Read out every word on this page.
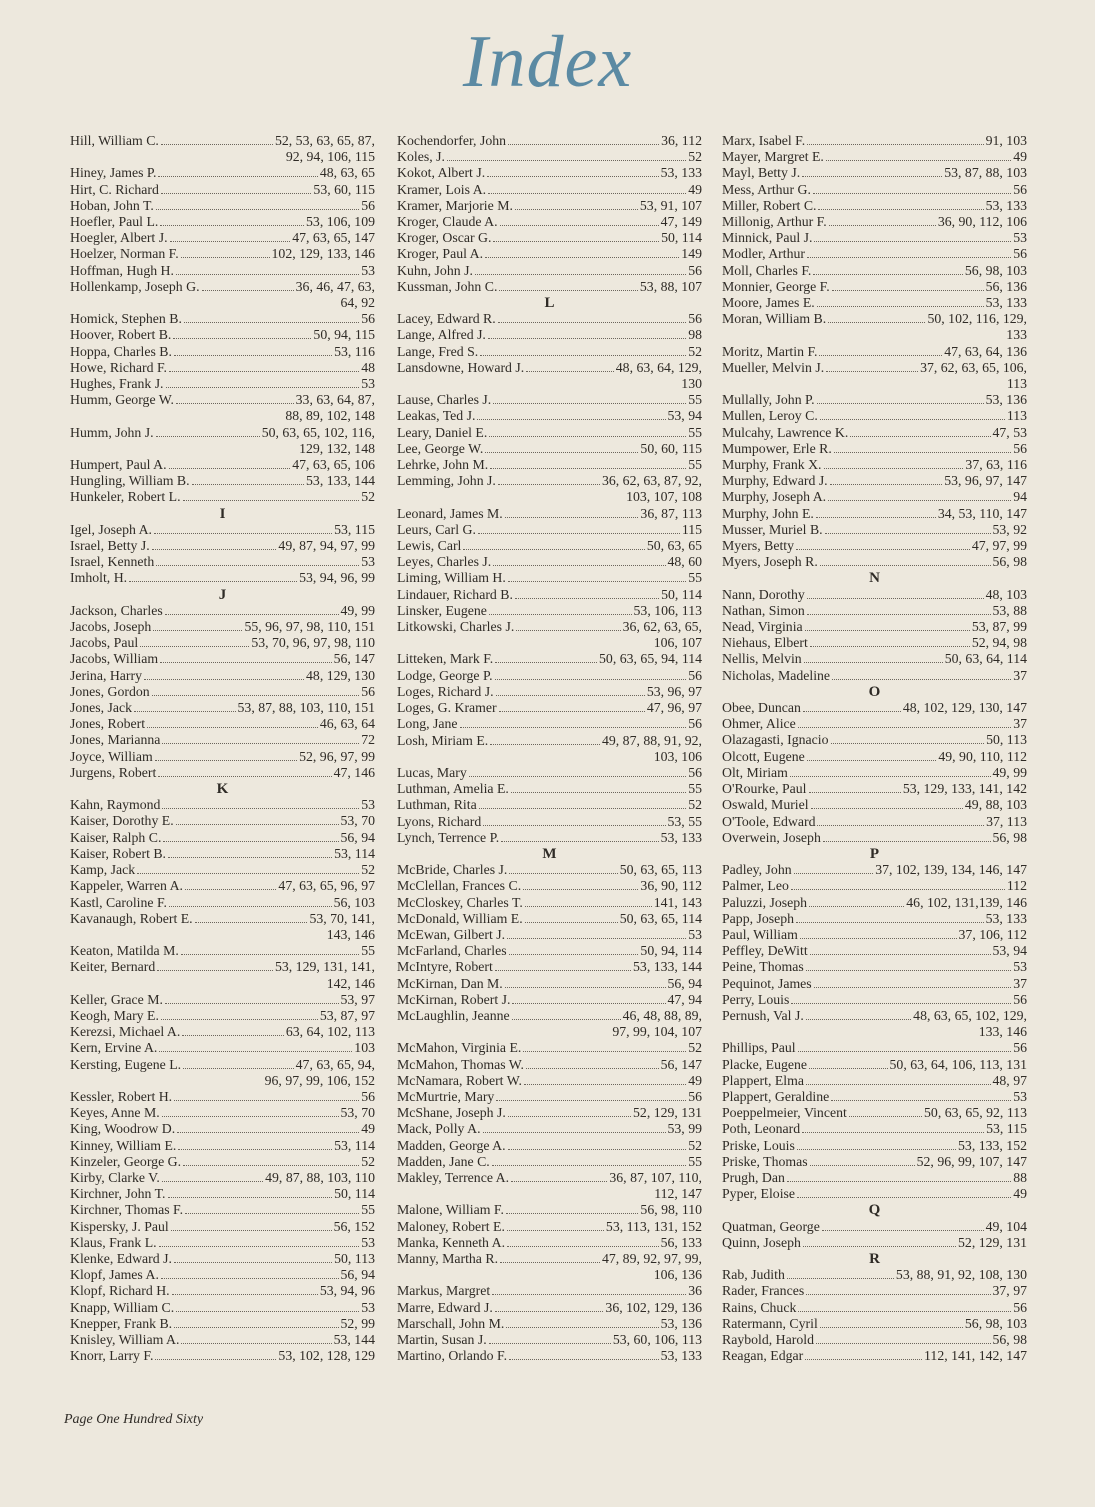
Index
Hill, William C.	52, 53, 63, 65, 87,
92, 94, 106, 115
Hiney, James P.	48, 63, 65
Hirt, C. Richard	53, 60, 115
Hoban, John T.	56
Hoefler, Paul L.	53, 106, 109
Hoegler, Albert J.	47, 63, 65, 147
Hoelzer, Norman F.	102, 129, 133, 146
Hoffman, Hugh H.	53
Hollenkamp, Joseph G.	36, 46, 47, 63,
64, 92
Homick, Stephen B.	56
Hoover, Robert B.	50, 94, 115
Hoppa, Charles B.	53, 116
Howe, Richard F.	48
Hughes, Frank J.	53
Humm, George W.	33, 63, 64, 87,
88, 89, 102, 148
Humm, John J.	50, 63, 65, 102, 116,
129, 132, 148
Humpert, Paul A.	47, 63, 65, 106
Hungling, William B.	53, 133, 144
Hunkeler, Robert L.	52
I
Igel, Joseph A.	53, 115
Israel, Betty J.	49, 87, 94, 97, 99
Israel, Kenneth	53
Imholt, H.	53, 94, 96, 99
J
Jackson, Charles	49, 99
Jacobs, Joseph	55, 96, 97, 98, 110, 151
Jacobs, Paul	53, 70, 96, 97, 98, 110
Jacobs, William	56, 147
Jerina, Harry	48, 129, 130
Jones, Gordon	56
Jones, Jack	53, 87, 88, 103, 110, 151
Jones, Robert	46, 63, 64
Jones, Marianna	72
Joyce, William	52, 96, 97, 99
Jurgens, Robert	47, 146
K
Kahn, Raymond	53
Kaiser, Dorothy E.	53, 70
Kaiser, Ralph C.	56, 94
Kaiser, Robert B.	53, 114
Kamp, Jack	52
Kappeler, Warren A.	47, 63, 65, 96, 97
Kastl, Caroline F.	56, 103
Kavanaugh, Robert E.	53, 70, 141,
143, 146
Keaton, Matilda M.	55
Keiter, Bernard	53, 129, 131, 141,
142, 146
Keller, Grace M.	53, 97
Keogh, Mary E.	53, 87, 97
Kerezsi, Michael A.	63, 64, 102, 113
Kern, Ervine A.	103
Kersting, Eugene L.	47, 63, 65, 94,
96, 97, 99, 106, 152
Kessler, Robert H.	56
Keyes, Anne M.	53, 70
King, Woodrow D.	49
Kinney, William E.	53, 114
Kinzeler, George G.	52
Kirby, Clarke V.	49, 87, 88, 103, 110
Kirchner, John T.	50, 114
Kirchner, Thomas F.	55
Kispersky, J. Paul	56, 152
Klaus, Frank L.	53
Klenke, Edward J.	50, 113
Klopf, James A.	56, 94
Klopf, Richard H.	53, 94, 96
Knapp, William C.	53
Knepper, Frank B.	52, 99
Knisley, William A.	53, 144
Knorr, Larry F.	53, 102, 128, 129
Kochendorfer, John	36, 112
Koles, J.	52
Kokot, Albert J.	53, 133
Kramer, Lois A.	49
Kramer, Marjorie M.	53, 91, 107
Kroger, Claude A.	47, 149
Kroger, Oscar G.	50, 114
Kroger, Paul A.	149
Kuhn, John J.	56
Kussman, John C.	53, 88, 107
L
Lacey, Edward R.	56
Lange, Alfred J.	98
Lange, Fred S.	52
Lansdowne, Howard J.	48, 63, 64, 129,
130
Lause, Charles J.	55
Leakas, Ted J.	53, 94
Leary, Daniel E.	55
Lee, George W.	50, 60, 115
Lehrke, John M.	55
Lemming, John J.	36, 62, 63, 87, 92,
103, 107, 108
Leonard, James M.	36, 87, 113
Leurs, Carl G.	115
Lewis, Carl	50, 63, 65
Leyes, Charles J.	48, 60
Liming, William H.	55
Lindauer, Richard B.	50, 114
Linsker, Eugene	53, 106, 113
Litkowski, Charles J.	36, 62, 63, 65,
106, 107
Litteken, Mark F.	50, 63, 65, 94, 114
Lodge, George P.	56
Loges, Richard J.	53, 96, 97
Loges, G. Kramer	47, 96, 97
Long, Jane	56
Losh, Miriam E.	49, 87, 88, 91, 92,
103, 106
Lucas, Mary	56
Luthman, Amelia E.	55
Luthman, Rita	52
Lyons, Richard	53, 55
Lynch, Terrence P.	53, 133
M
McBride, Charles J.	50, 63, 65, 113
McClellan, Frances C.	36, 90, 112
McCloskey, Charles T.	141, 143
McDonald, William E.	50, 63, 65, 114
McEwan, Gilbert J.	53
McFarland, Charles	50, 94, 114
McIntyre, Robert	53, 133, 144
McKirnan, Dan M.	56, 94
McKirnan, Robert J.	47, 94
McLaughlin, Jeanne	46, 48, 88, 89,
97, 99, 104, 107
McMahon, Virginia E.	52
McMahon, Thomas W.	56, 147
McNamara, Robert W.	49
McMurtrie, Mary	56
McShane, Joseph J.	52, 129, 131
Mack, Polly A.	53, 99
Madden, George A.	52
Madden, Jane C.	55
Makley, Terrence A.	36, 87, 107, 110,
112, 147
Malone, William F.	56, 98, 110
Maloney, Robert E.	53, 113, 131, 152
Manka, Kenneth A.	56, 133
Manny, Martha R.	47, 89, 92, 97, 99,
106, 136
Markus, Margret	36
Marre, Edward J.	36, 102, 129, 136
Marschall, John M.	53, 136
Martin, Susan J.	53, 60, 106, 113
Martino, Orlando F.	53, 133
Marx, Isabel F.	91, 103
Mayer, Margret E.	49
Mayl, Betty J.	53, 87, 88, 103
Mess, Arthur G.	56
Miller, Robert C.	53, 133
Millonig, Arthur F.	36, 90, 112, 106
Minnick, Paul J.	53
Modler, Arthur	56
Moll, Charles F.	56, 98, 103
Monnier, George F.	56, 136
Moore, James E.	53, 133
Moran, William B.	50, 102, 116, 129,
133
Moritz, Martin F.	47, 63, 64, 136
Mueller, Melvin J.	37, 62, 63, 65, 106,
113
Mullally, John P.	53, 136
Mullen, Leroy C.	113
Mulcahy, Lawrence K.	47, 53
Mumpower, Erle R.	56
Murphy, Frank X.	37, 63, 116
Murphy, Edward J.	53, 96, 97, 147
Murphy, Joseph A.	94
Murphy, John E.	34, 53, 110, 147
Musser, Muriel B.	53, 92
Myers, Betty	47, 97, 99
Myers, Joseph R.	56, 98
N
Nann, Dorothy	48, 103
Nathan, Simon	53, 88
Nead, Virginia	53, 87, 99
Niehaus, Elbert	52, 94, 98
Nellis, Melvin	50, 63, 64, 114
Nicholas, Madeline	37
O
Obee, Duncan	48, 102, 129, 130, 147
Ohmer, Alice	37
Olazagasti, Ignacio	50, 113
Olcott, Eugene	49, 90, 110, 112
Olt, Miriam	49, 99
O'Rourke, Paul	53, 129, 133, 141, 142
Oswald, Muriel	49, 88, 103
O'Toole, Edward	37, 113
Overwein, Joseph	56, 98
P
Padley, John	37, 102, 139, 134, 146, 147
Palmer, Leo	112
Paluzzi, Joseph	46, 102, 131,139, 146
Papp, Joseph	53, 133
Paul, William	37, 106, 112
Peffley, DeWitt	53, 94
Peine, Thomas	53
Pequinot, James	37
Perry, Louis	56
Pernush, Val J.	48, 63, 65, 102, 129,
133, 146
Phillips, Paul	56
Placke, Eugene	50, 63, 64, 106, 113, 131
Plappert, Elma	48, 97
Plappert, Geraldine	53
Poeppelmeier, Vincent	50, 63, 65, 92, 113
Poth, Leonard	53, 115
Priske, Louis	53, 133, 152
Priske, Thomas	52, 96, 99, 107, 147
Prugh, Dan	88
Pyper, Eloise	49
Q
Quatman, George	49, 104
Quinn, Joseph	52, 129, 131
R
Rab, Judith	53, 88, 91, 92, 108, 130
Rader, Frances	37, 97
Rains, Chuck	56
Ratermann, Cyril	56, 98, 103
Raybold, Harold	56, 98
Reagan, Edgar	112, 141, 142, 147
Page One Hundred Sixty
